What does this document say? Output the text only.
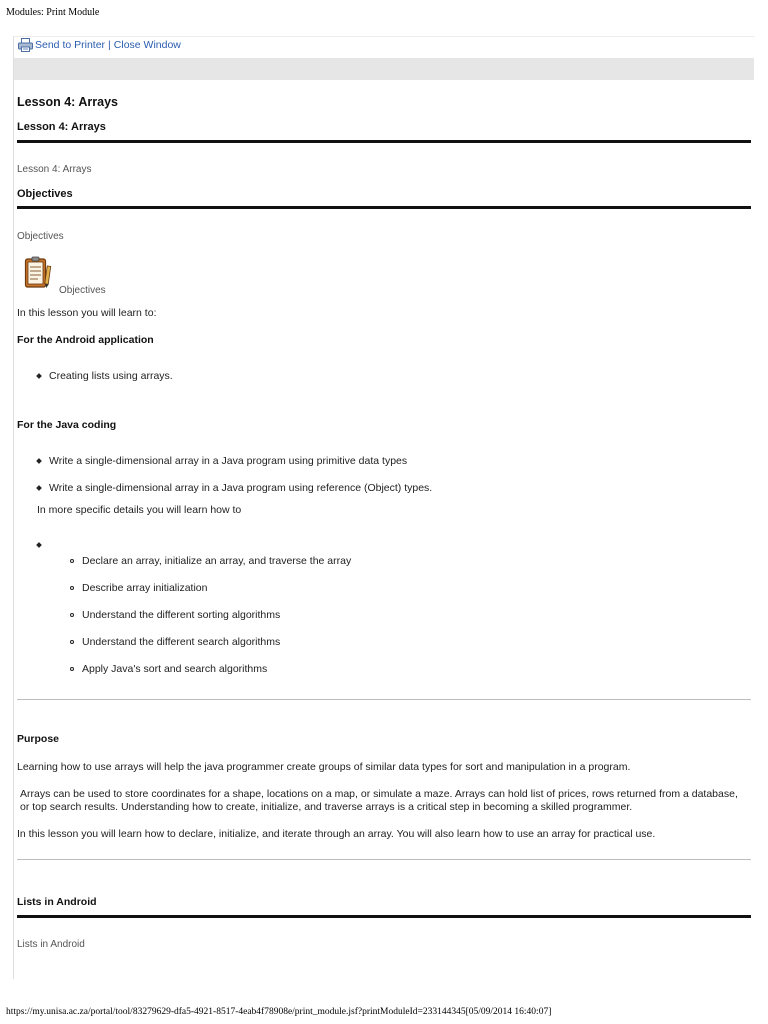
Modules: Print Module
Send to Printer | Close Window
Lesson 4: Arrays
Lesson 4: Arrays
Lesson 4: Arrays
Objectives
Objectives
Objectives
In this lesson you will learn to:
For the Android application
Creating lists using arrays.
For the Java coding
Write a single-dimensional array in a Java program using primitive data types
Write a single-dimensional array in a Java program using reference (Object) types.
In more specific details you will learn how to
Declare an array, initialize an array, and traverse the array
Describe array initialization
Understand the different sorting algorithms
Understand the different search algorithms
Apply Java's sort and search algorithms
Purpose
Learning how to use arrays will help the java programmer create groups of similar data types for sort and manipulation in a program.
Arrays can be used to store coordinates for a shape, locations on a map, or simulate a maze. Arrays can hold list of prices, rows returned from a database,
or top search results. Understanding how to create, initialize, and traverse arrays is a critical step in becoming a skilled programmer.
In this lesson you will learn how to declare, initialize, and iterate through an array. You will also learn how to use an array for practical use.
Lists in Android
Lists in Android
https://my.unisa.ac.za/portal/tool/83279629-dfa5-4921-8517-4eab4f78908e/print_module.jsf?printModuleId=233144345[05/09/2014 16:40:07]
